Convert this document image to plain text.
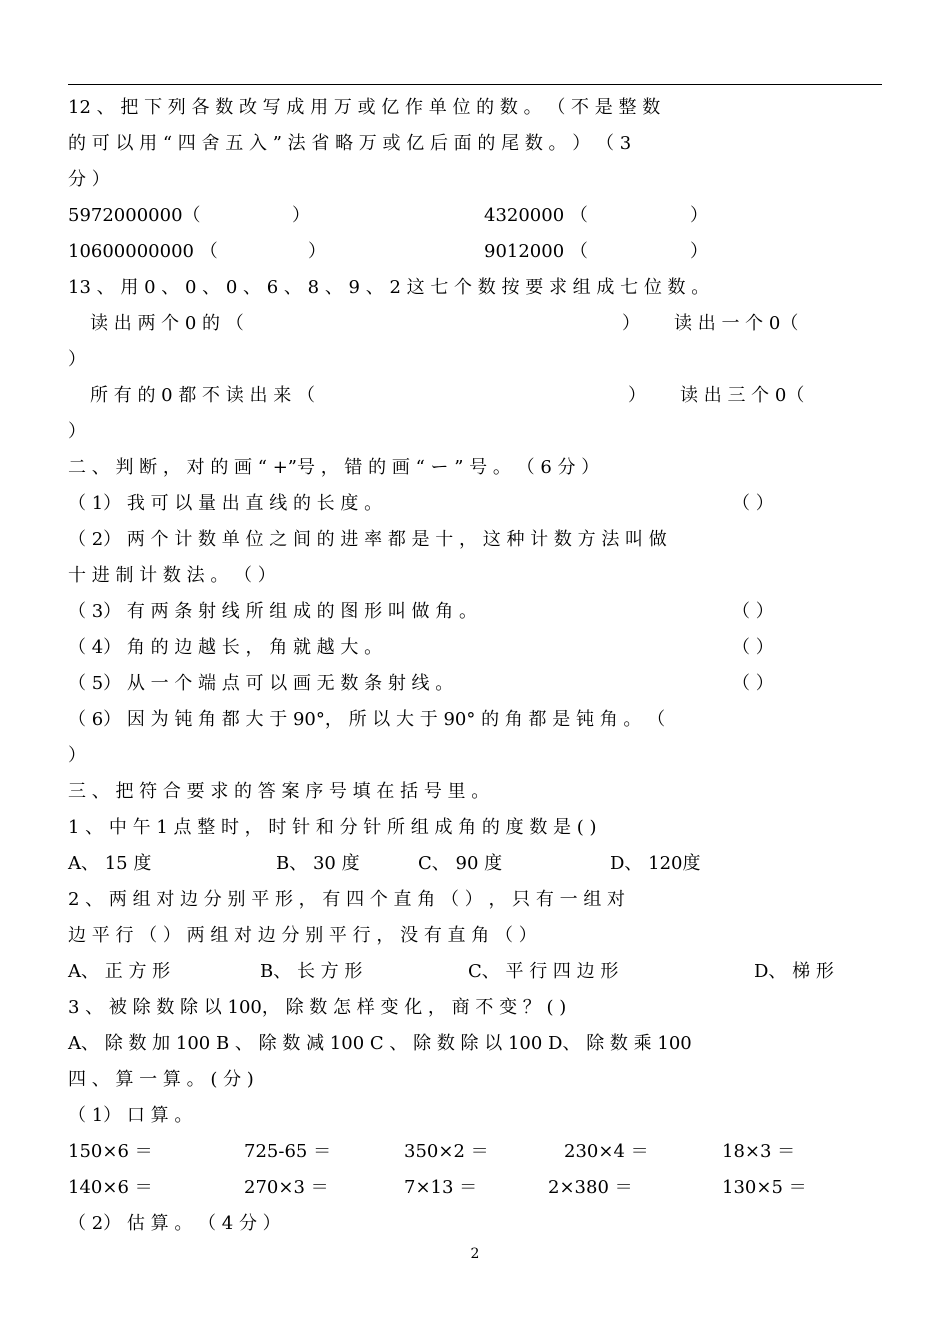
12 、 把 下 列 各 数 改 写 成 用 万 或 亿 作 单 位 的 数 。 （ 不 是 整 数
的 可 以 用 “ 四 舍 五 入 ” 法 省 略 万 或 亿 后 面 的 尾 数 。 ） （ 3
分 ）
5972000000（	）	4320000 （	）
10600000000 （	）	9012000 （	）
13 、 用 0 、 0 、 0 、 6 、 8 、 9 、 2 这 七 个 数 按 要 求 组 成 七 位 数 。
读 出 两 个 0 的 （	） 读 出 一 个 0（
）
所 有 的 0 都 不 读 出 来 （	） 读 出 三 个 0（
）
二 、 判 断 ， 对 的 画 “ +”号 ， 错 的 画 “ ー ” 号 。 （ 6 分 ）
（ 1） 我 可 以 量 出 直 线 的 长 度 。	（ ）
（ 2） 两 个 计 数 单 位 之 间 的 进 率 都 是 十 ， 这 种 计 数 方 法 叫 做
十 进 制 计 数 法 。 （ ）
（ 3） 有 两 条 射 线 所 组 成 的 图 形 叫 做 角 。	（ ）
（ 4） 角 的 边 越 长 ， 角 就 越 大 。	（ ）
（ 5） 从 一 个 端 点 可 以 画 无 数 条 射 线 。	（ ）
（ 6） 因 为 钝 角 都 大 于 90°， 所 以 大 于 90° 的 角 都 是 钝 角 。 （
）
三 、 把 符 合 要 求 的 答 案 序 号 填 在 括 号 里 。
1 、 中 午 1 点 整 时 ， 时 针 和 分 针 所 组 成 角 的 度 数 是 ( )
A、 15 度	B、 30 度	C、 90 度	D、 120度
2 、 两 组 对 边 分 别 平 形 ， 有 四 个 直 角 （ ） ， 只 有 一 组 对
边 平 行 （ ） 两 组 对 边 分 别 平 行 ， 没 有 直 角 （ ）
A、 正 方 形	B、 长 方 形	C、 平 行 四 边 形	D、 梯 形
3 、 被 除 数 除 以 100， 除 数 怎 样 变 化 ， 商 不 变 ？ ( )
A、 除 数 加 100 B 、 除 数 减 100 C 、 除 数 除 以 100 D、 除 数 乘 100
四 、 算 一 算 。 ( 分 )
（ 1） 口 算 。
150×6 ＝	725-65 ＝	350×2 ＝	230×4 ＝	18×3 ＝
140×6 ＝	270×3 ＝	7×13 ＝	2×380 ＝	130×5 ＝
（ 2） 估 算 。 （ 4 分 ）
2
